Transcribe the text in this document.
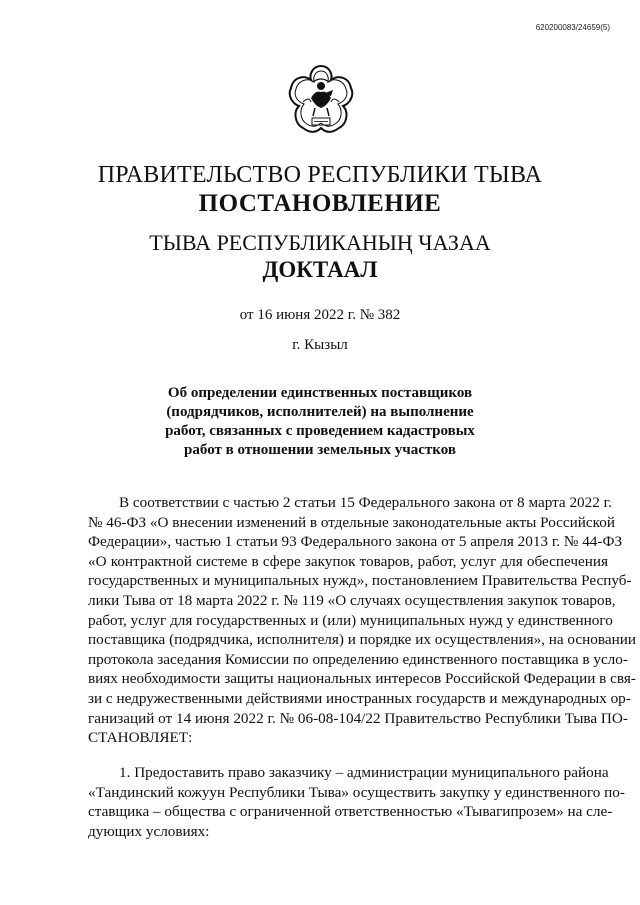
620200083/24659(5)
ПРАВИТЕЛЬСТВО РЕСПУБЛИКИ ТЫВА
ПОСТАНОВЛЕНИЕ
ТЫВА РЕСПУБЛИКАНЫҢ ЧАЗАА
ДОКТААЛ
от 16 июня 2022 г. № 382
г. Кызыл
Об определении единственных поставщиков
(подрядчиков, исполнителей) на выполнение
работ, связанных с проведением кадастровых
работ в отношении земельных участков
В соответствии с частью 2 статьи 15 Федерального закона от 8 марта 2022 г.
№ 46-ФЗ «О внесении изменений в отдельные законодательные акты Российской
Федерации», частью 1 статьи 93 Федерального закона от 5 апреля 2013 г. № 44-ФЗ
«О контрактной системе в сфере закупок товаров, работ, услуг для обеспечения
государственных и муниципальных нужд», постановлением Правительства Респуб-
лики Тыва от 18 марта 2022 г. № 119 «О случаях осуществления закупок товаров,
работ, услуг для государственных и (или) муниципальных нужд у единственного
поставщика (подрядчика, исполнителя) и порядке их осуществления», на основании
протокола заседания Комиссии по определению единственного поставщика в усло-
виях необходимости защиты национальных интересов Российской Федерации в свя-
зи с недружественными действиями иностранных государств и международных ор-
ганизаций от 14 июня 2022 г. № 06-08-104/22 Правительство Республики Тыва ПО-
СТАНОВЛЯЕТ:
1. Предоставить право заказчику – администрации муниципального района
«Тандинский кожуун Республики Тыва» осуществить закупку у единственного по-
ставщика – общества с ограниченной ответственностью «Тывагипрозем» на сле-
дующих условиях:
